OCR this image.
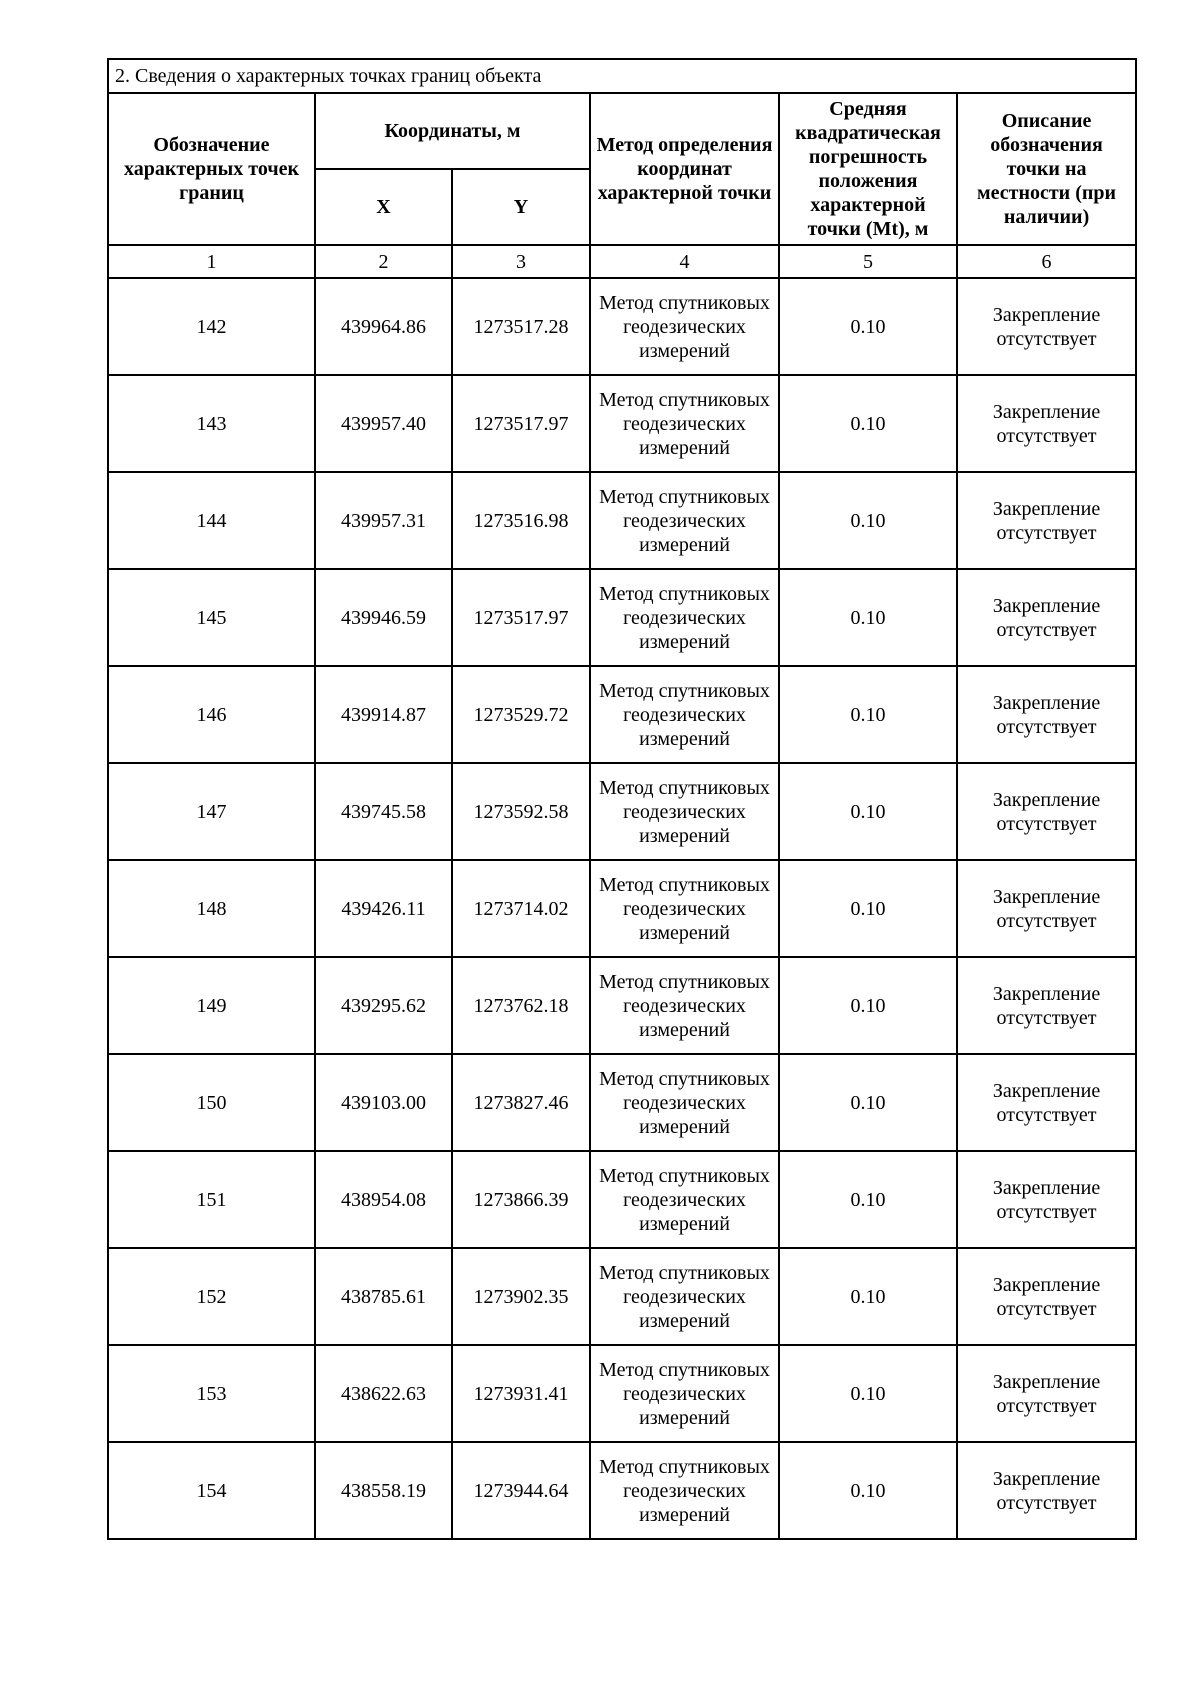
2. Сведения о характерных точках границ объекта					
Обозначение характерных точек границ	Координаты, м		Метод определения координат характерной точки	Средняя квадратическая погрешность положения характерной точки (Mt), м	Описание обозначения точки на местности (при наличии)
	X	Y			
1	2	3	4	5	6
142	439964.86	1273517.28	Метод спутниковых геодезических измерений	0.10	Закрепление отсутствует
143	439957.40	1273517.97	Метод спутниковых геодезических измерений	0.10	Закрепление отсутствует
144	439957.31	1273516.98	Метод спутниковых геодезических измерений	0.10	Закрепление отсутствует
145	439946.59	1273517.97	Метод спутниковых геодезических измерений	0.10	Закрепление отсутствует
146	439914.87	1273529.72	Метод спутниковых геодезических измерений	0.10	Закрепление отсутствует
147	439745.58	1273592.58	Метод спутниковых геодезических измерений	0.10	Закрепление отсутствует
148	439426.11	1273714.02	Метод спутниковых геодезических измерений	0.10	Закрепление отсутствует
149	439295.62	1273762.18	Метод спутниковых геодезических измерений	0.10	Закрепление отсутствует
150	439103.00	1273827.46	Метод спутниковых геодезических измерений	0.10	Закрепление отсутствует
151	438954.08	1273866.39	Метод спутниковых геодезических измерений	0.10	Закрепление отсутствует
152	438785.61	1273902.35	Метод спутниковых геодезических измерений	0.10	Закрепление отсутствует
153	438622.63	1273931.41	Метод спутниковых геодезических измерений	0.10	Закрепление отсутствует
154	438558.19	1273944.64	Метод спутниковых геодезических измерений	0.10	Закрепление отсутствует
